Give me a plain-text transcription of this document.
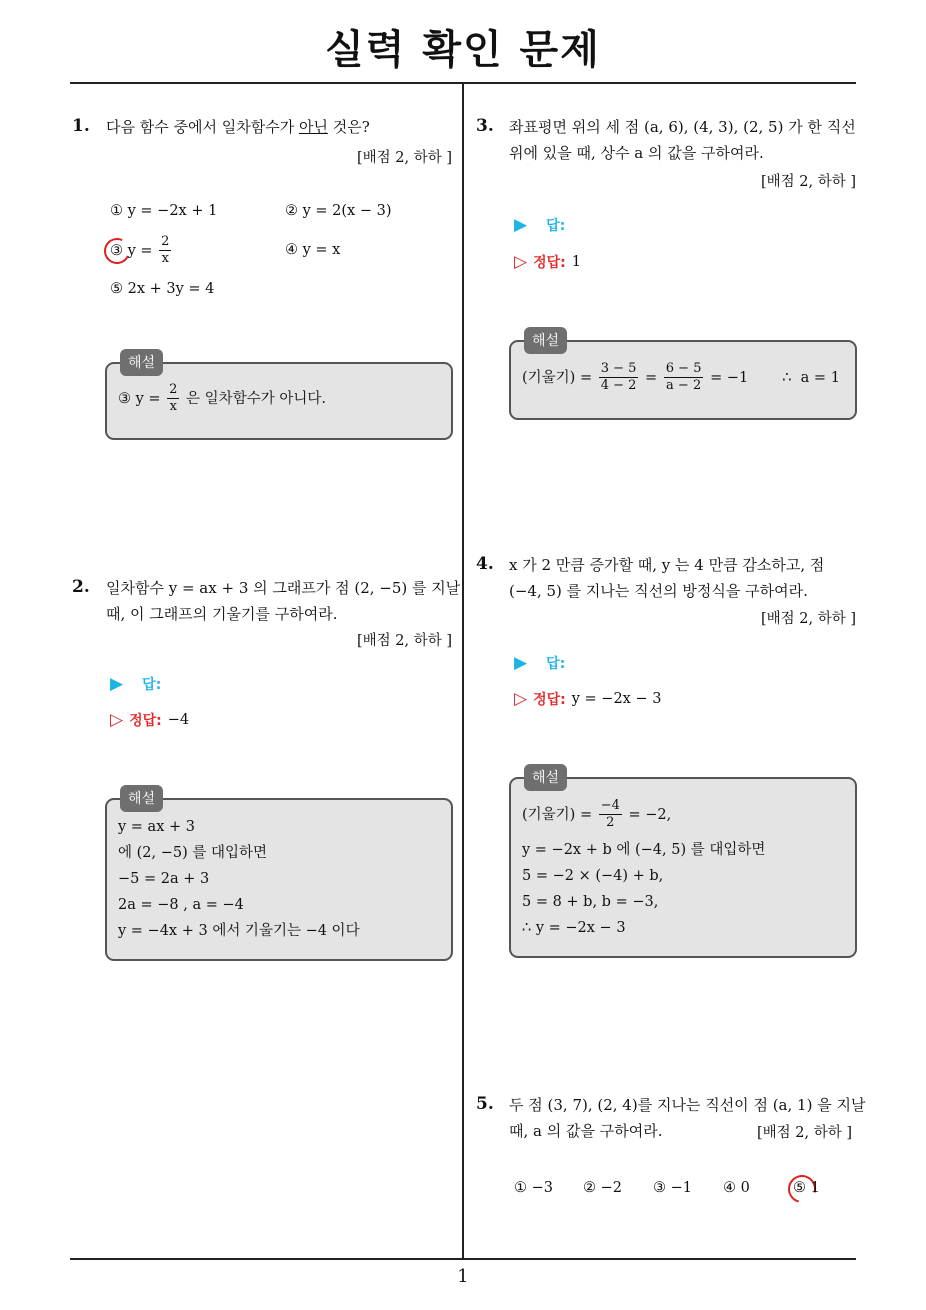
실력 확인 문제
1
1. 다음 함수 중에서 일차함수가 아닌 것은?
[배점 2, 하하 ]
① y = −2x + 1	② y = 2(x − 3)
③ $y = \frac{2}{x}$	④ y = x
⑤ 2x + 3y = 4
해설
③ $y = \frac{2}{x}$ 은 일차함수가 아니다.
2. 일차함수 y = ax + 3 의 그래프가 점 (2, −5) 를 지날
때, 이 그래프의 기울기를 구하여라.
[배점 2, 하하 ]
▶ 답:
▷ 정답: −4
해설
y = ax + 3
에 (2, −5) 를 대입하면
−5 = 2a + 3
2a = −8 , a = −4
y = −4x + 3 에서 기울기는 −4 이다
3. 좌표평면 위의 세 점 (a, 6), (4, 3), (2, 5) 가 한 직선
위에 있을 때, 상수 a 의 값을 구하여라.
[배점 2, 하하 ]
▶ 답:
▷ 정답: 1
해설
(기울기) = $\frac{3 - 5}{4 - 2} = \frac{6 - 5}{a - 2} = -1$ ∴  a = 1
4. x 가 2 만큼 증가할 때, y 는 4 만큼 감소하고, 점
(−4, 5) 를 지나는 직선의 방정식을 구하여라.
[배점 2, 하하 ]
▶ 답:
▷ 정답: y = −2x − 3
해설
(기울기) = $\frac{-4}{2} = -2$,
y = −2x + b 에 (−4, 5) 를 대입하면
5 = −2 × (−4) + b,
5 = 8 + b, b = −3,
∴ y = −2x − 3
5. 두 점 (3, 7), (2, 4)를 지나는 직선이 점 (a, 1) 을 지날
때, a 의 값을 구하여라.	[배점 2, 하하 ]
① −3 ② −2 ③ −1 ④ 0	⑤ 1
